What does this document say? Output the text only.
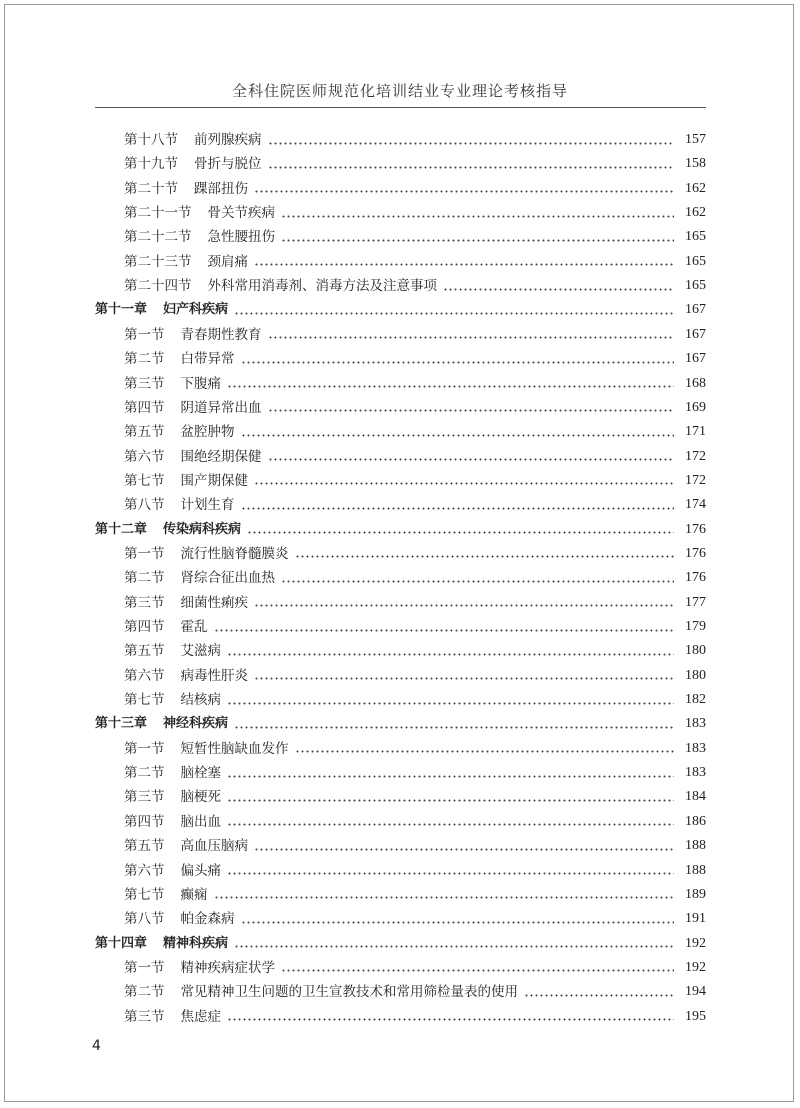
全科住院医师规范化培训结业专业理论考核指导
第十八节 前列腺疾病	157
第十九节 骨折与脱位	158
第二十节 踝部扭伤	162
第二十一节 骨关节疾病	162
第二十二节 急性腰扭伤	165
第二十三节 颈肩痛	165
第二十四节 外科常用消毒剂、消毒方法及注意事项	165
第十一章 妇产科疾病	167
第一节 青春期性教育	167
第二节 白带异常	167
第三节 下腹痛	168
第四节 阴道异常出血	169
第五节 盆腔肿物	171
第六节 围绝经期保健	172
第七节 围产期保健	172
第八节 计划生育	174
第十二章 传染病科疾病	176
第一节 流行性脑脊髓膜炎	176
第二节 肾综合征出血热	176
第三节 细菌性痢疾	177
第四节 霍乱	179
第五节 艾滋病	180
第六节 病毒性肝炎	180
第七节 结核病	182
第十三章 神经科疾病	183
第一节 短暂性脑缺血发作	183
第二节 脑栓塞	183
第三节 脑梗死	184
第四节 脑出血	186
第五节 高血压脑病	188
第六节 偏头痛	188
第七节 癫痫	189
第八节 帕金森病	191
第十四章 精神科疾病	192
第一节 精神疾病症状学	192
第二节 常见精神卫生问题的卫生宣教技术和常用筛检量表的使用	194
第三节 焦虑症	195
4
